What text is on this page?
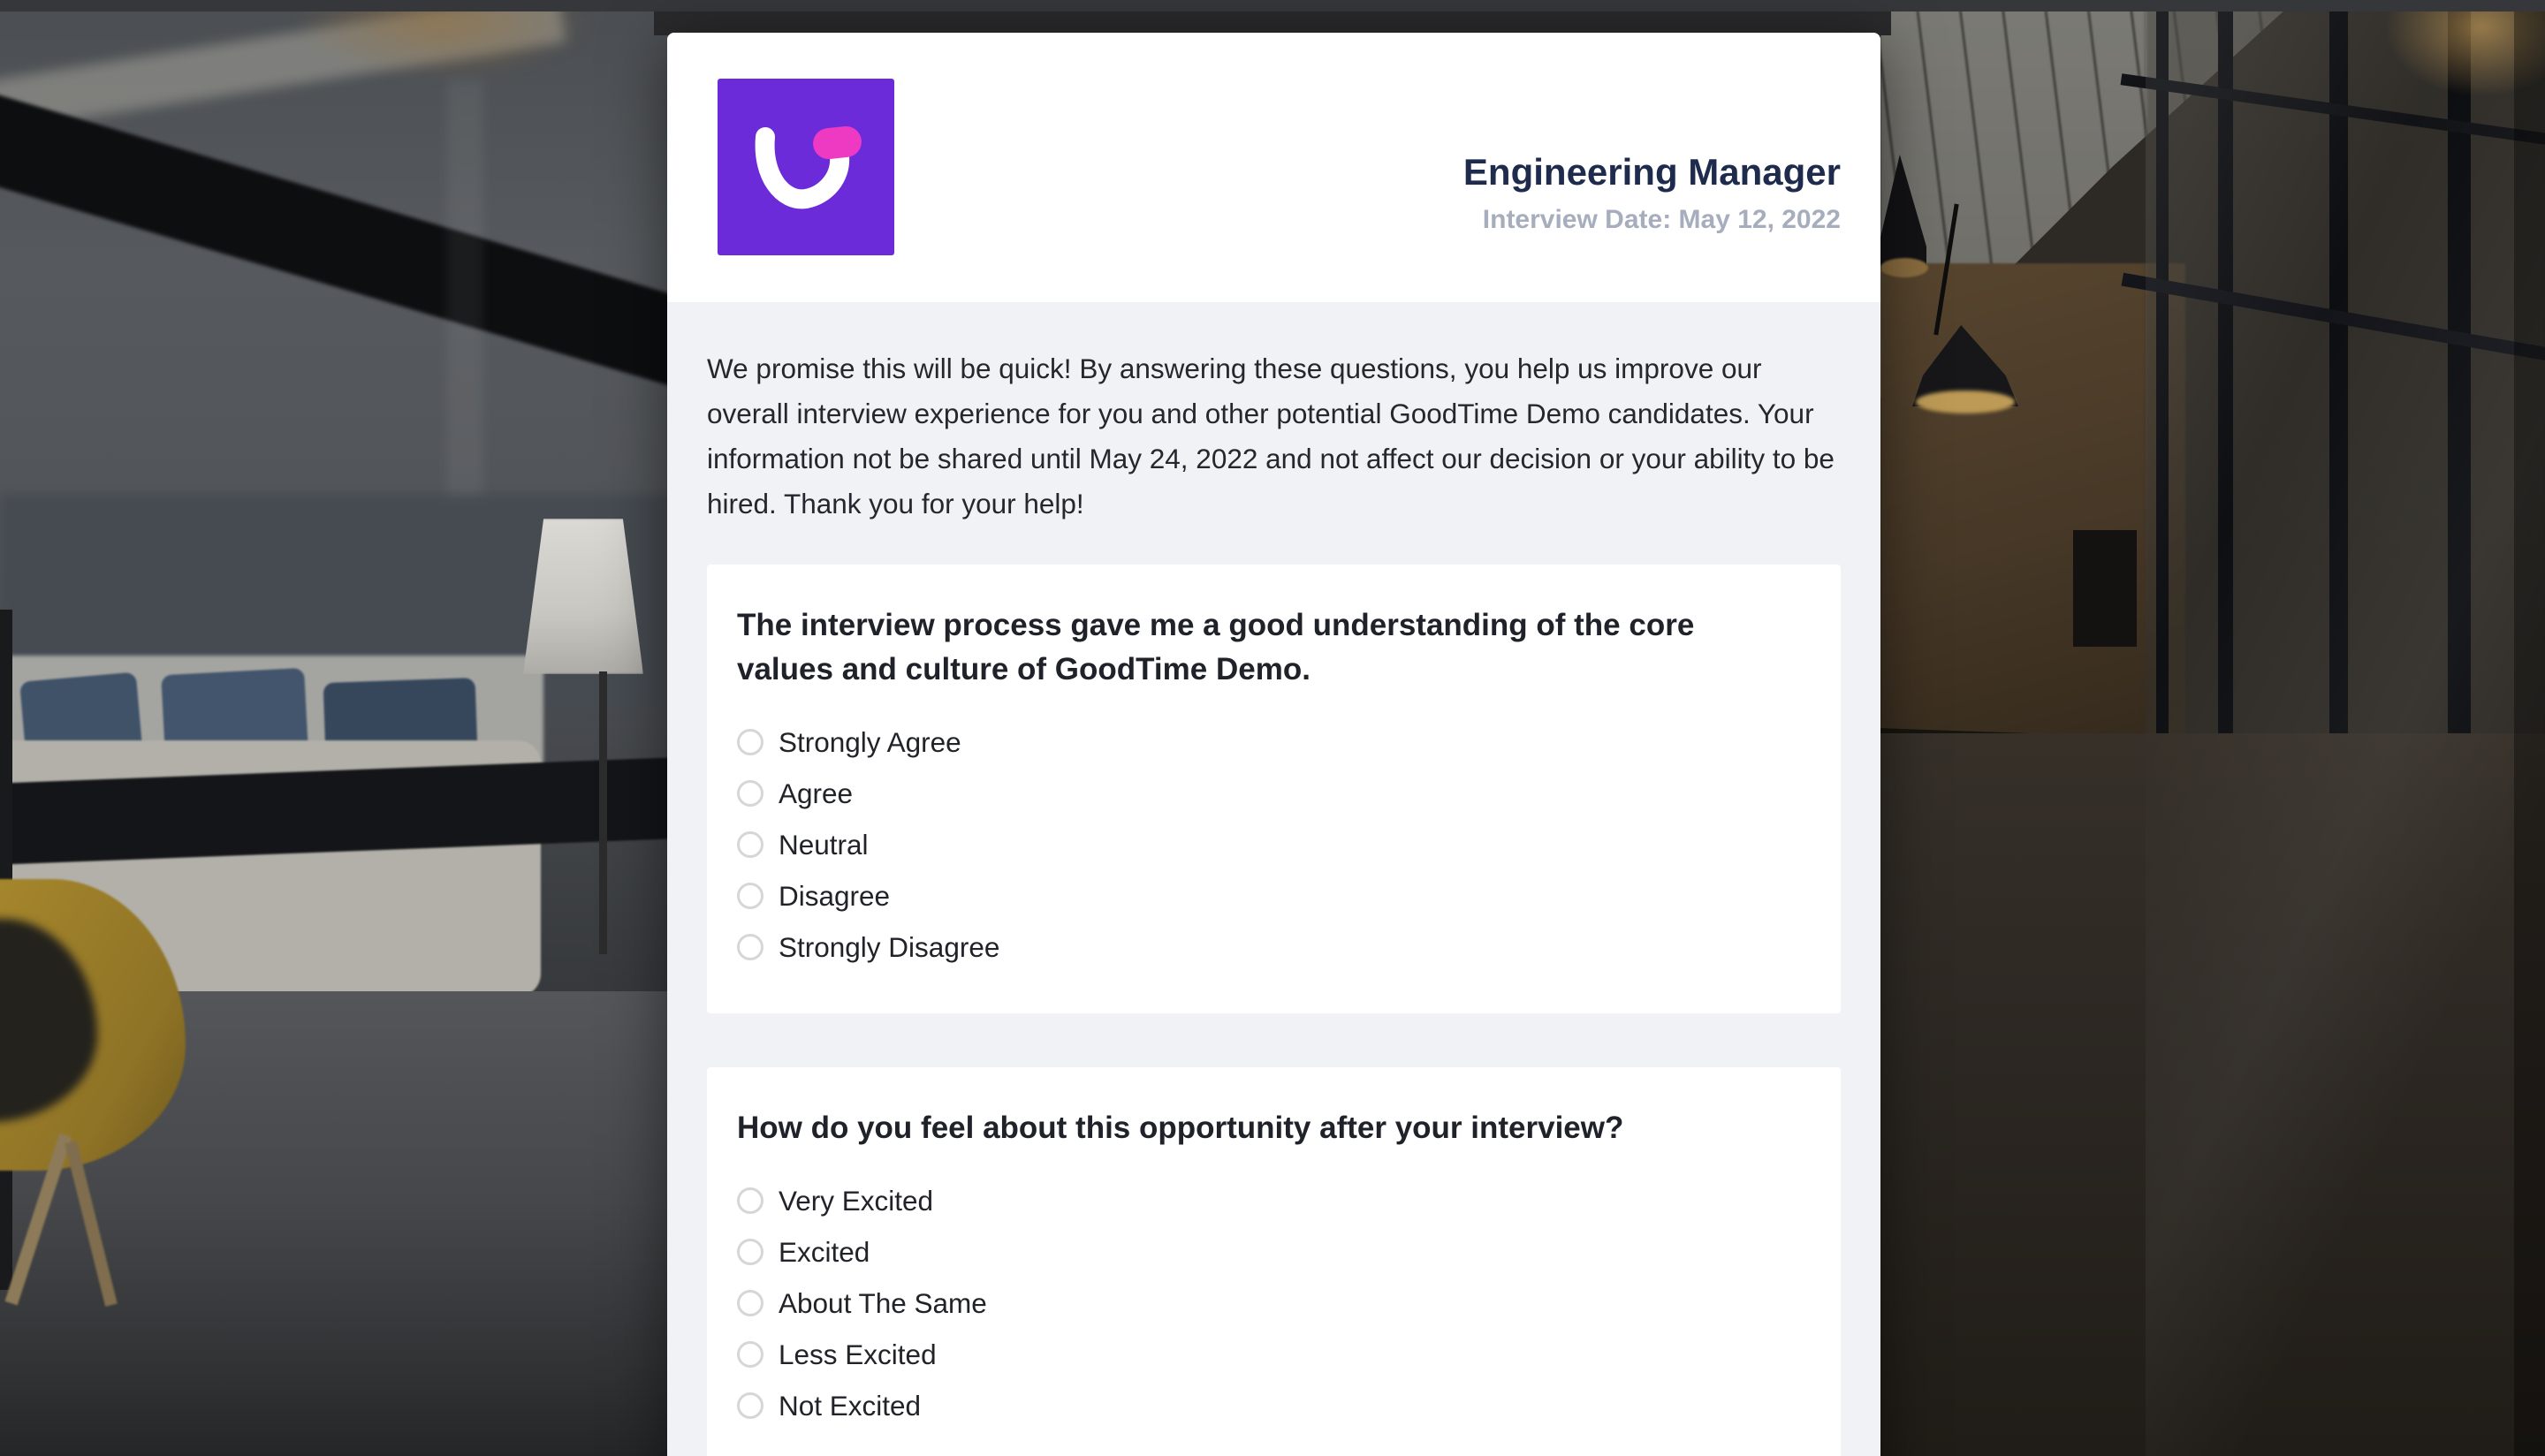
Engineering Manager
Interview Date: May 12, 2022

We promise this will be quick! By answering these questions, you help us improve our overall interview experience for you and other potential GoodTime Demo candidates. Your information not be shared until May 24, 2022 and not affect our decision or your ability to be hired. Thank you for your help!

The interview process gave me a good understanding of the core values and culture of GoodTime Demo.
Strongly Agree
Agree
Neutral
Disagree
Strongly Disagree
How do you feel about this opportunity after your interview?
Very Excited
Excited
About The Same
Less Excited
Not Excited
